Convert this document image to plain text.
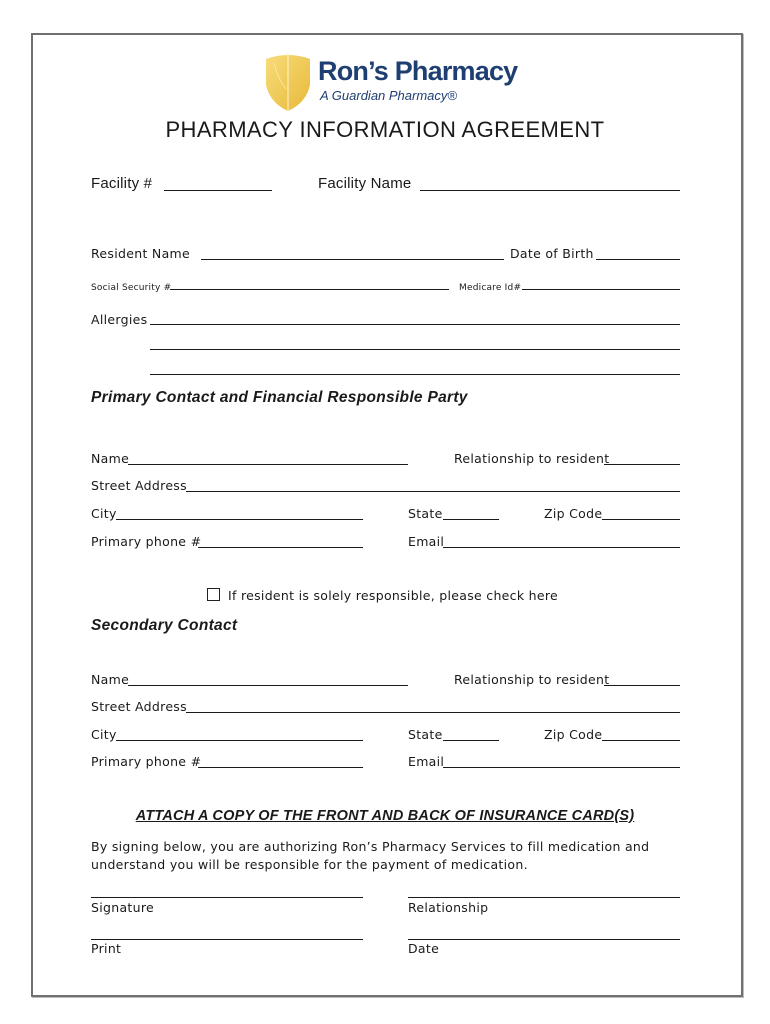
Ron’s Pharmacy
A Guardian Pharmacy®
PHARMACY INFORMATION AGREEMENT
Facility #	Facility Name
Resident Name	Date of Birth
Social Security #	Medicare Id#
Allergies
Primary Contact and Financial Responsible Party
Name	Relationship to resident
Street Address
City	State	Zip Code
Primary phone #	Email
If resident is solely responsible, please check here
Secondary Contact
Name	Relationship to resident
Street Address
City	State	Zip Code
Primary phone #	Email
ATTACH A COPY OF THE FRONT AND BACK OF INSURANCE CARD(S)
By signing below, you are authorizing Ron’s Pharmacy Services to fill medication and understand you will be responsible for the payment of medication.
Signature	Relationship
Print	Date
